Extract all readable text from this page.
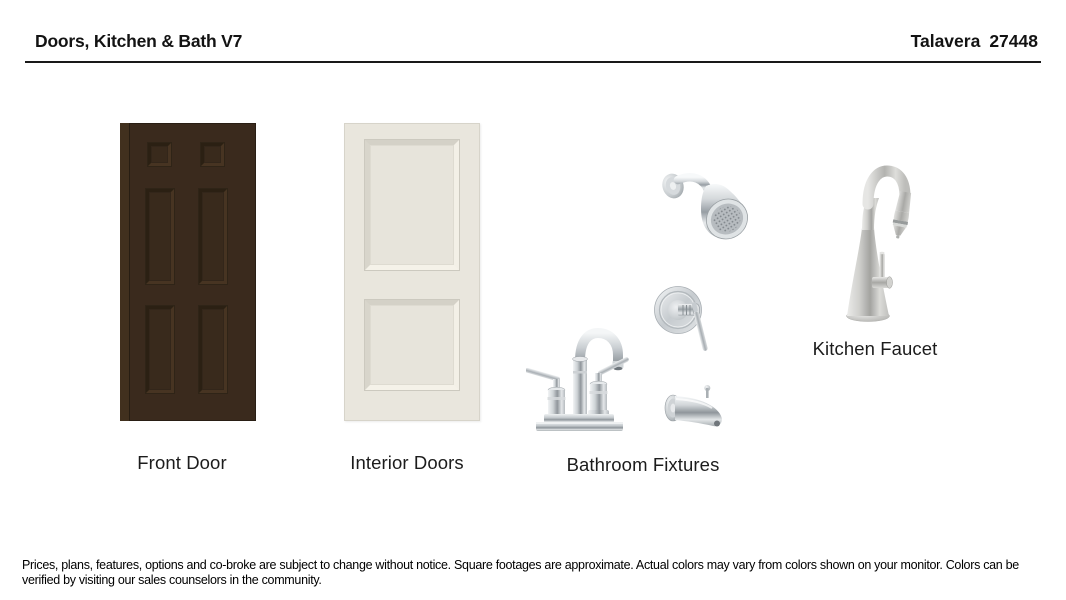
Doors, Kitchen & Bath V7	Talavera 27448
Front Door	Interior Doors	Bathroom Fixtures
Kitchen Faucet
Prices, plans, features, options and co-broke are subject to change without notice. Square footages are approximate. Actual colors may vary from colors shown on your monitor. Colors can be
verified by visiting our sales counselors in the community.
